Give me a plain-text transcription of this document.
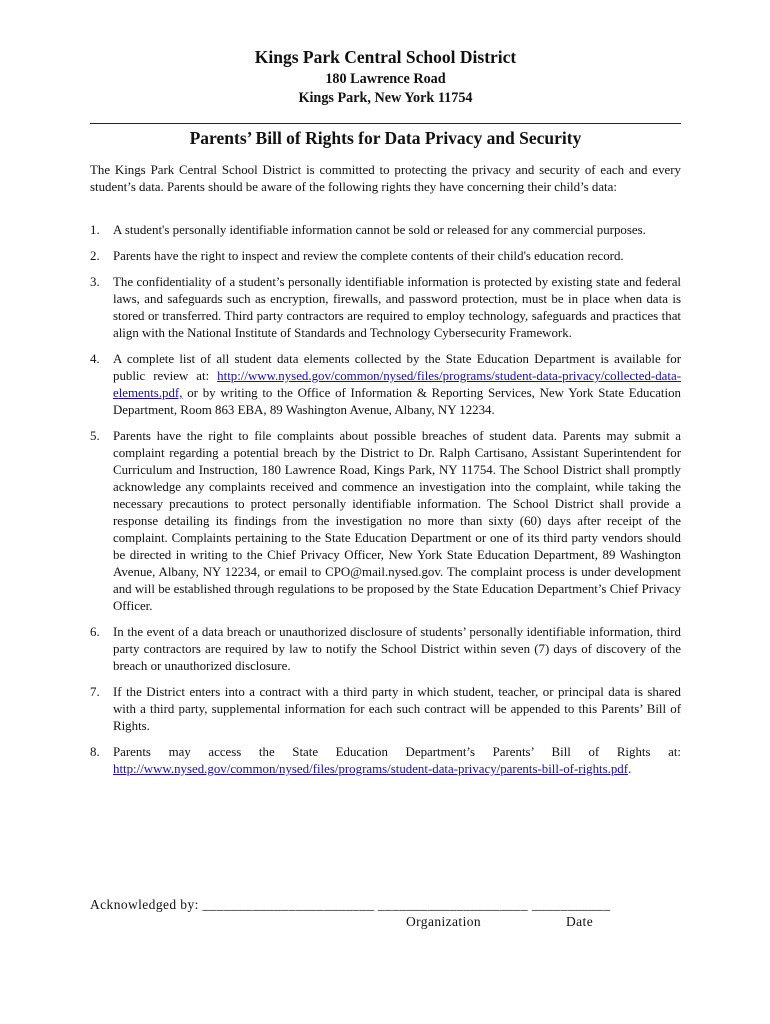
Kings Park Central School District
180 Lawrence Road
Kings Park, New York 11754
Parents’ Bill of Rights for Data Privacy and Security

The Kings Park Central School District is committed to protecting the privacy and security of each and every student’s data. Parents should be aware of the following rights they have concerning their child’s data:

1. A student's personally identifiable information cannot be sold or released for any commercial purposes.
2. Parents have the right to inspect and review the complete contents of their child's education record.
3. The confidentiality of a student’s personally identifiable information is protected by existing state and federal laws, and safeguards such as encryption, firewalls, and password protection, must be in place when data is stored or transferred. Third party contractors are required to employ technology, safeguards and practices that align with the National Institute of Standards and Technology Cybersecurity Framework.
4. A complete list of all student data elements collected by the State Education Department is available for public review at: http://www.nysed.gov/common/nysed/files/programs/student-data-privacy/collected-data-elements.pdf, or by writing to the Office of Information & Reporting Services, New York State Education Department, Room 863 EBA, 89 Washington Avenue, Albany, NY 12234.
5. Parents have the right to file complaints about possible breaches of student data. Parents may submit a complaint regarding a potential breach by the District to Dr. Ralph Cartisano, Assistant Superintendent for Curriculum and Instruction, 180 Lawrence Road, Kings Park, NY 11754. The School District shall promptly acknowledge any complaints received and commence an investigation into the complaint, while taking the necessary precautions to protect personally identifiable information. The School District shall provide a response detailing its findings from the investigation no more than sixty (60) days after receipt of the complaint. Complaints pertaining to the State Education Department or one of its third party vendors should be directed in writing to the Chief Privacy Officer, New York State Education Department, 89 Washington Avenue, Albany, NY 12234, or email to CPO@mail.nysed.gov. The complaint process is under development and will be established through regulations to be proposed by the State Education Department’s Chief Privacy Officer.
6. In the event of a data breach or unauthorized disclosure of students’ personally identifiable information, third party contractors are required by law to notify the School District within seven (7) days of discovery of the breach or unauthorized disclosure.
7. If the District enters into a contract with a third party in which student, teacher, or principal data is shared with a third party, supplemental information for each such contract will be appended to this Parents’ Bill of Rights.
8. Parents may access the State Education Department’s Parents’ Bill of Rights at: http://www.nysed.gov/common/nysed/files/programs/student-data-privacy/parents-bill-of-rights.pdf.
Acknowledged by: ________________________ _____________________ ___________
Organization	Date
